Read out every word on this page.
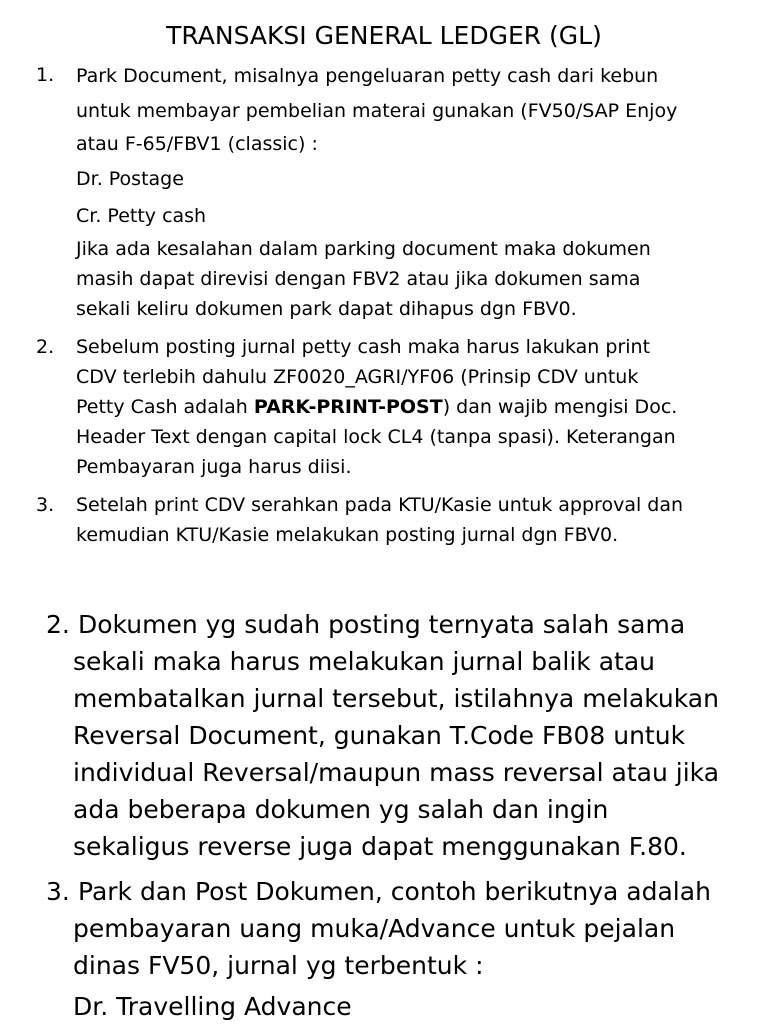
TRANSAKSI GENERAL LEDGER (GL)
1. Park Document, misalnya pengeluaran petty cash dari kebun
untuk membayar pembelian materai gunakan (FV50/SAP Enjoy
atau F-65/FBV1 (classic) :
Dr. Postage
Cr. Petty cash
Jika ada kesalahan dalam parking document maka dokumen
masih dapat direvisi dengan FBV2 atau jika dokumen sama
sekali keliru dokumen park dapat dihapus dgn FBV0.
2. Sebelum posting jurnal petty cash maka harus lakukan print
CDV terlebih dahulu ZF0020_AGRI/YF06 (Prinsip CDV untuk
Petty Cash adalah PARK-PRINT-POST) dan wajib mengisi Doc.
Header Text dengan capital lock CL4 (tanpa spasi). Keterangan
Pembayaran juga harus diisi.
3. Setelah print CDV serahkan pada KTU/Kasie untuk approval dan
kemudian KTU/Kasie melakukan posting jurnal dgn FBV0.
2. Dokumen yg sudah posting ternyata salah sama
sekali maka harus melakukan jurnal balik atau
membatalkan jurnal tersebut, istilahnya melakukan
Reversal Document, gunakan T.Code FB08 untuk
individual Reversal/maupun mass reversal atau jika
ada beberapa dokumen yg salah dan ingin
sekaligus reverse juga dapat menggunakan F.80.
3. Park dan Post Dokumen, contoh berikutnya adalah
pembayaran uang muka/Advance untuk pejalan
dinas FV50, jurnal yg terbentuk :
Dr. Travelling Advance
